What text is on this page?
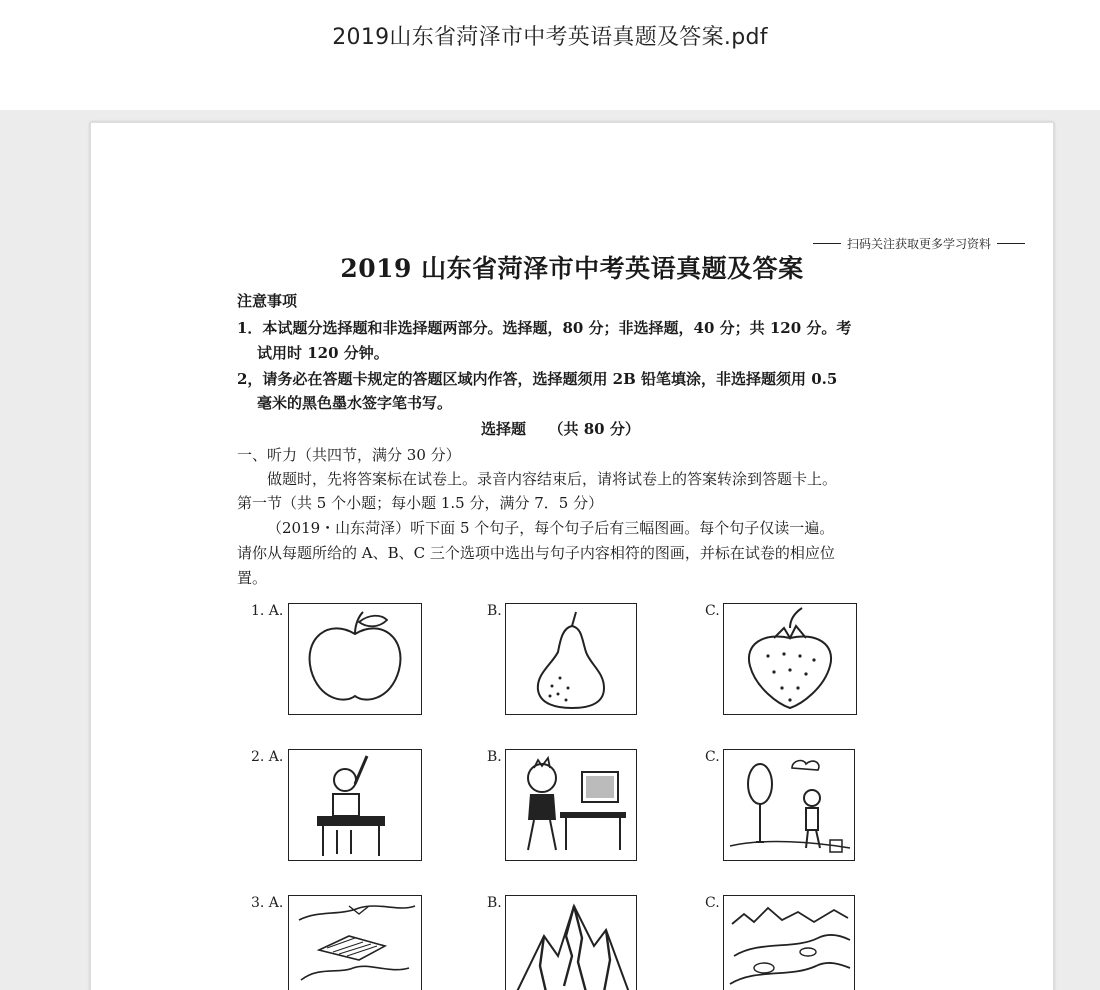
2019山东省菏泽市中考英语真题及答案.pdf
扫码关注获取更多学习资料
2019 山东省菏泽市中考英语真题及答案
注意事项
1．本试题分选择题和非选择题两部分。选择题，80 分；非选择题，40 分；共 120 分。考
试用时 120 分钟。
2，请务必在答题卡规定的答题区域内作答，选择题须用 2B 铅笔填涂，非选择题须用 0.5
毫米的黑色墨水签字笔书写。
选择题　　（共 80 分）
一、听力（共四节，满分 30 分）
做题时，先将答案标在试卷上。录音内容结束后，请将试卷上的答案转涂到答题卡上。
第一节（共 5 个小题；每小题 1.5 分，满分 7．5 分）
（2019・山东菏泽）听下面 5 个句子，每个句子后有三幅图画。每个句子仅读一遍。
请你从每题所给的 A、B、C 三个选项中选出与句子内容相符的图画，并标在试卷的相应位
置。
1. A.	B.	C.
2. A.	B.	C.
3. A.	B.	C.
